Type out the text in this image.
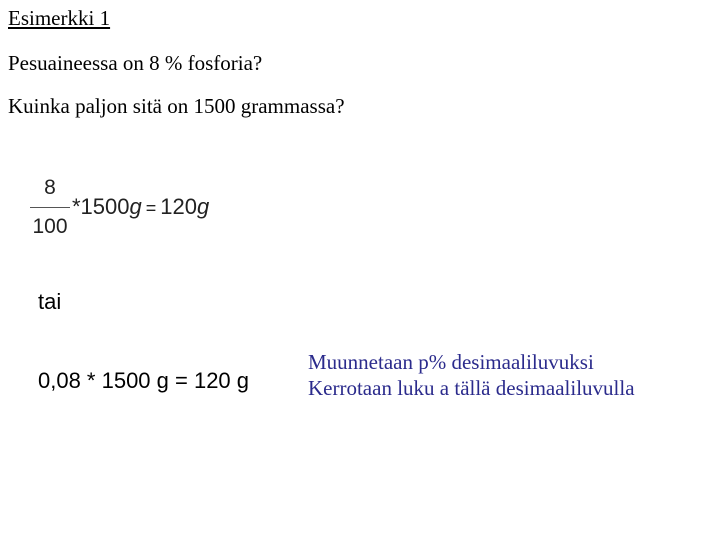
Esimerkki 1
Pesuaineessa on 8 % fosforia?
Kuinka paljon sitä on 1500 grammassa?
8
100
*1500g = 120g
tai
0,08 * 1500 g = 120 g
Muunnetaan p% desimaaliluvuksi
Kerrotaan luku a tällä desimaaliluvulla
